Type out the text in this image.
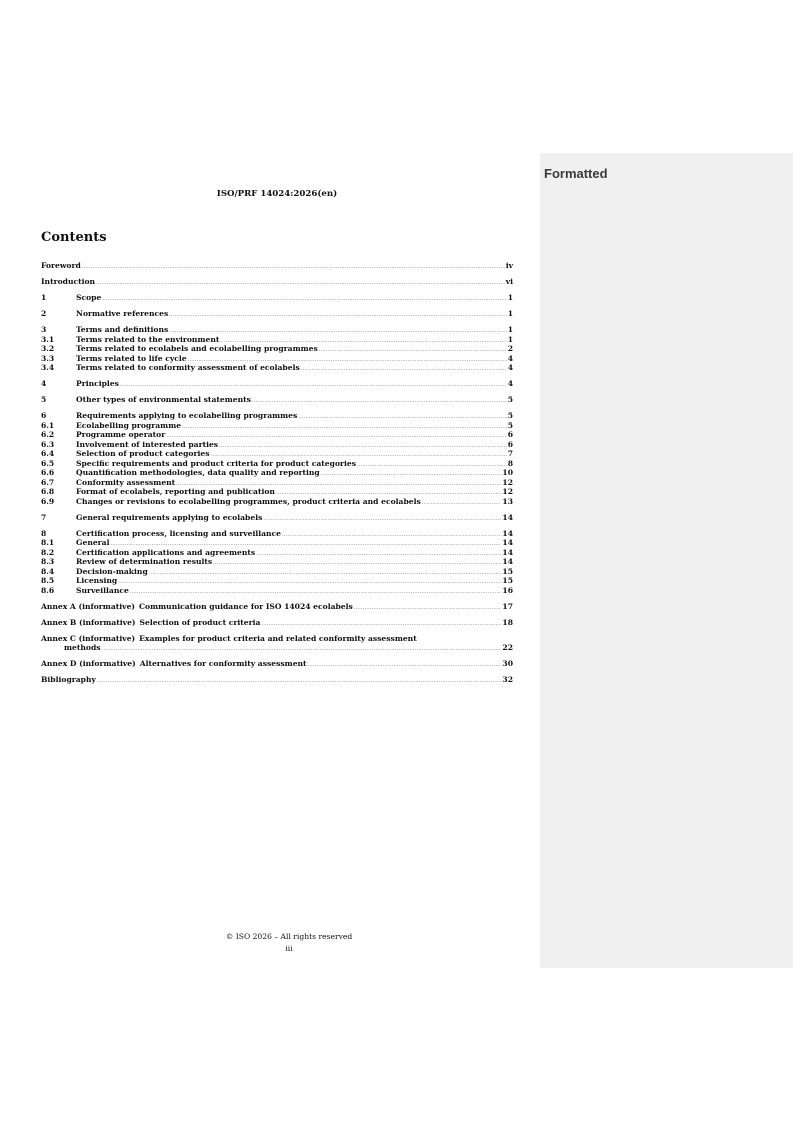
Formatted
ISO/PRF 14024:2026(en)
Contents
Foreword .....	iv
Introduction .....	vi
1	Scope .....	1
2	Normative references .....	1
3	Terms and definitions .....	1
3.1	Terms related to the environment .....	1
3.2	Terms related to ecolabels and ecolabelling programmes .....	2
3.3	Terms related to life cycle .....	4
3.4	Terms related to conformity assessment of ecolabels .....	4
4	Principles .....	4
5	Other types of environmental statements .....	5
6	Requirements applying to ecolabelling programmes .....	5
6.1	Ecolabelling programme .....	5
6.2	Programme operator .....	6
6.3	Involvement of interested parties .....	6
6.4	Selection of product categories .....	7
6.5	Specific requirements and product criteria for product categories .....	8
6.6	Quantification methodologies, data quality and reporting .....	10
6.7	Conformity assessment .....	12
6.8	Format of ecolabels, reporting and publication .....	12
6.9	Changes or revisions to ecolabelling programmes, product criteria and ecolabels .....	13
7	General requirements applying to ecolabels .....	14
8	Certification process, licensing and surveillance .....	14
8.1	General .....	14
8.2	Certification applications and agreements .....	14
8.3	Review of determination results .....	14
8.4	Decision-making .....	15
8.5	Licensing .....	15
8.6	Surveillance .....	16
Annex A (informative) Communication guidance for ISO 14024 ecolabels .....	17
Annex B (informative) Selection of product criteria .....	18
Annex C (informative) Examples for product criteria and related conformity assessment
methods .....	22
Annex D (informative) Alternatives for conformity assessment .....	30
Bibliography .....	32
© ISO 2026 – All rights reserved
iii
